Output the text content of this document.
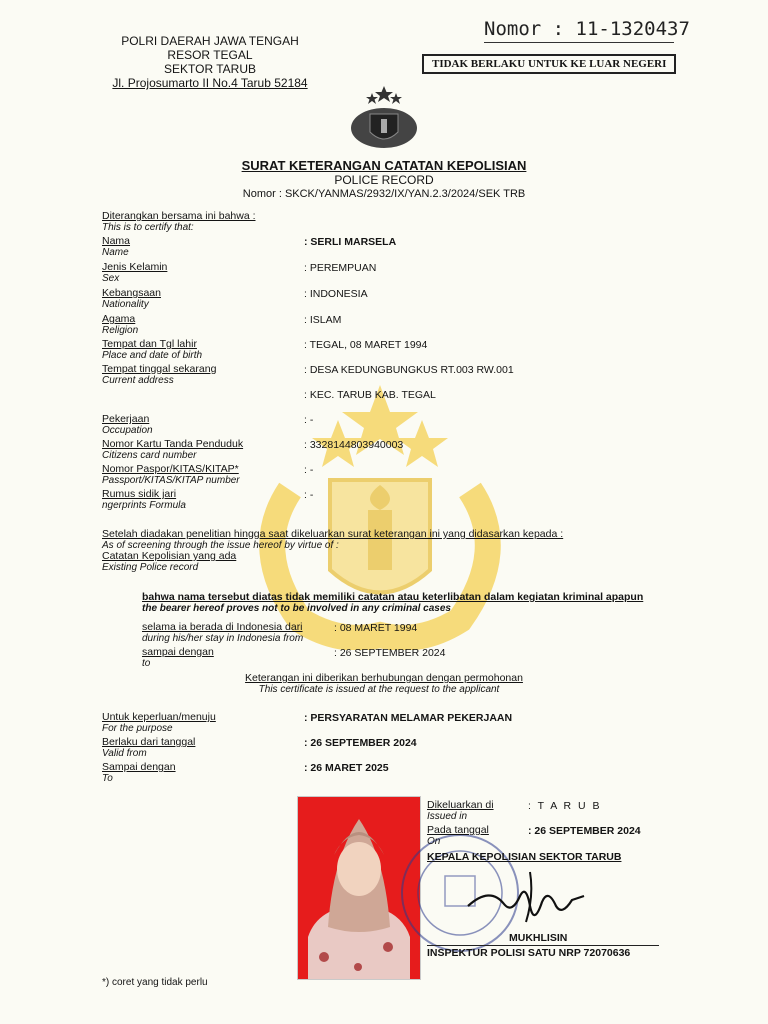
POLRI DAERAH JAWA TENGAH
RESOR TEGAL
SEKTOR TARUB
Jl. Projosumarto II No.4 Tarub 52184
Nomor : 11-1320437
TIDAK BERLAKU UNTUK KE LUAR NEGERI
SURAT KETERANGAN CATATAN KEPOLISIAN
POLICE RECORD
Nomor : SKCK/YANMAS/2932/IX/YAN.2.3/2024/SEK TRB
Diterangkan bersama ini bahwa :
This is to certify that:
Nama
Name
: SERLI MARSELA
Jenis Kelamin
Sex
: PEREMPUAN
Kebangsaan
Nationality
: INDONESIA
Agama
Religion
: ISLAM
Tempat dan Tgl lahir
Place and date of birth
: TEGAL, 08 MARET 1994
Tempat tinggal sekarang
Current address
: DESA KEDUNGBUNGKUS RT.003 RW.001
: KEC. TARUB KAB. TEGAL
Pekerjaan
Occupation
: -
Nomor Kartu Tanda Penduduk
Citizens card number
: 3328144803940003
Nomor Paspor/KITAS/KITAP*
Passport/KITAS/KITAP number
: -
Rumus sidik jari
ngerprints Formula
: -
Setelah diadakan penelitian hingga saat dikeluarkan surat keterangan ini yang didasarkan kepada :
As of screening through the issue hereof by virtue of :
Catatan Kepolisian yang ada
Existing Police record
bahwa nama tersebut diatas tidak memiliki catatan atau keterlibatan dalam kegiatan kriminal apapun
the bearer hereof proves not to be involved in any criminal cases
selama ia berada di Indonesia dari
during his/her stay in Indonesia from
: 08 MARET 1994
sampai dengan
to
: 26 SEPTEMBER 2024
Keterangan ini diberikan berhubungan dengan permohonan
This certificate is issued at the request to the applicant
Untuk keperluan/menuju
For the purpose
: PERSYARATAN MELAMAR PEKERJAAN
Berlaku dari tanggal
Valid from
: 26 SEPTEMBER 2024
Sampai dengan
To
: 26 MARET 2025
Dikeluarkan di
Issued in
: T A R U B
Pada tanggal
On
: 26 SEPTEMBER 2024
KEPALA KEPOLISIAN SEKTOR TARUB
MUKHLISIN
INSPEKTUR POLISI SATU NRP 72070636
*) coret yang tidak perlu
